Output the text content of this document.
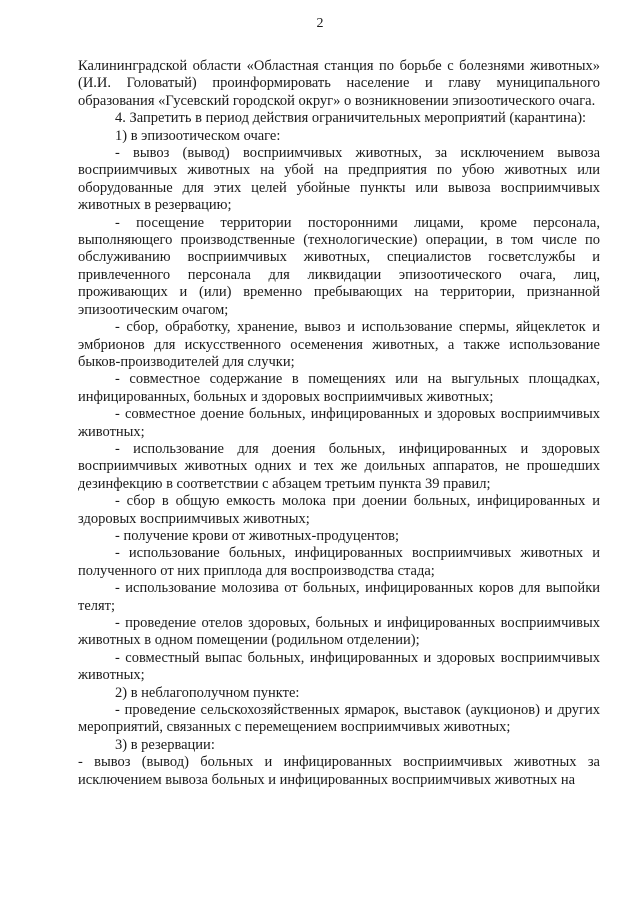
2

Калининградской области «Областная станция по борьбе с болезнями животных» (И.И. Головатый) проинформировать население и главу муниципального образования «Гусевский городской округ» о возникновении эпизоотического очага.

4. Запретить в период действия ограничительных мероприятий (карантина):

1) в эпизоотическом очаге:

- вывоз (вывод) восприимчивых животных, за исключением вывоза восприимчивых животных на убой на предприятия по убою животных или оборудованные для этих целей убойные пункты или вывоза восприимчивых животных в резервацию;

- посещение территории посторонними лицами, кроме персонала, выполняющего производственные (технологические) операции, в том числе по обслуживанию восприимчивых животных, специалистов госветслужбы и привлеченного персонала для ликвидации эпизоотического очага, лиц, проживающих и (или) временно пребывающих на территории, признанной эпизоотическим очагом;

- сбор, обработку, хранение, вывоз и использование спермы, яйцеклеток и эмбрионов для искусственного осеменения животных, а также использование быков-производителей для случки;

- совместное содержание в помещениях или на выгульных площадках, инфицированных, больных и здоровых восприимчивых животных;

- совместное доение больных, инфицированных и здоровых восприимчивых животных;

- использование для доения больных, инфицированных и здоровых восприимчивых животных одних и тех же доильных аппаратов, не прошедших дезинфекцию в соответствии с абзацем третьим пункта 39 правил;

- сбор в общую емкость молока при доении больных, инфицированных и здоровых восприимчивых животных;

- получение крови от животных-продуцентов;

- использование больных, инфицированных восприимчивых животных и полученного от них приплода для воспроизводства стада;

- использование молозива от больных, инфицированных коров для выпойки телят;

- проведение отелов здоровых, больных и инфицированных восприимчивых животных в одном помещении (родильном отделении);

- совместный выпас больных, инфицированных и здоровых восприимчивых животных;

2) в неблагополучном пункте:

- проведение сельскохозяйственных ярмарок, выставок (аукционов) и других мероприятий, связанных с перемещением восприимчивых животных;

3) в резервации:

- вывоз (вывод) больных и инфицированных восприимчивых животных за исключением вывоза больных и инфицированных восприимчивых животных на
